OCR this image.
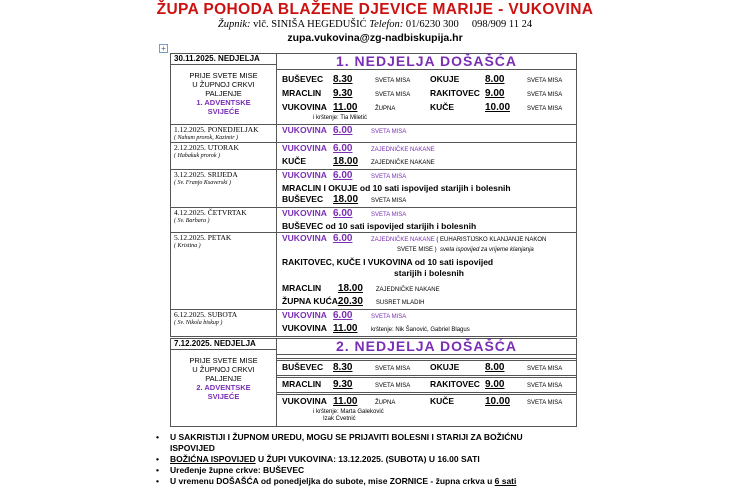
ŽUPA POHODA BLAŽENE DJEVICE MARIJE - VUKOVINA
Župnik: vlč. SINIŠA HEGEDUŠIĆ Telefon: 01/6230 300 098/909 11 24
zupa.vukovina@zg-nadbiskupija.hr
+
30.11.2025. NEDJELJA
PRIJE SVETE MISE
U ŽUPNOJ CRKVI
PALJENJE
1. ADVENTSKE
SVIJEĆE

1. NEDJELJA DOŠAŠĆA
BUŠEVEC	8.30	SVETA MISA	OKUJE	8.00	SVETA MISA
MRACLIN	9.30	SVETA MISA	RAKITOVEC	9.00	SVETA MISA
VUKOVINA	11.00	ŽUPNA	KUČE	10.00	SVETA MISA
i krštenje: Tia Miletić

1.12.2025. PONEDJELJAK
( Nahum prorok, Kazimir )

VUKOVINA	6.00	SVETA MISA

2.12.2025. UTORAK
( Habakuk prorok )

VUKOVINA	6.00	ZAJEDNIČKE NAKANE
KUČE	18.00	ZAJEDNIČKE NAKANE

3.12.2025. SRIJEDA
( Sv. Franjo Ksaverski )

VUKOVINA	6.00	SVETA MISA
MRACLIN I OKUJE od 10 sati ispovijed starijih i bolesnih
BUŠEVEC	18.00	SVETA MISA

4.12.2025. ČETVRTAK
( Sv. Barbara )

VUKOVINA	6.00	SVETA MISA
BUŠEVEC od 10 sati ispovijed starijih i bolesnih

5.12.2025. PETAK
( Kristina )

VUKOVINA	6.00	ZAJEDNIČKE NAKANE ( EUHARISTIJSKO KLANJANJE NAKON
SVETE MISE ) sveta ispovijed za vrijeme klanjanja
RAKITOVEC, KUČE I VUKOVINA od 10 sati ispovijed
starijih i bolesnih
MRACLIN	18.00	ZAJEDNIČKE NAKANE
ŽUPNA KUĆA	20.30	SUSRET MLADIH

6.12.2025. SUBOTA
( Sv. Nikola biskup )

VUKOVINA	6.00	SVETA MISA
VUKOVINA	11.00	krštenje: Nik Šanović, Gabriel Blagus

7.12.2025. NEDJELJA
PRIJE SVETE MISE
U ŽUPNOJ CRKVI
PALJENJE
2. ADVENTSKE
SVIJEĆE

2. NEDJELJA DOŠAŠĆA
BUŠEVEC	8.30	SVETA MISA	OKUJE	8.00	SVETA MISA
MRACLIN	9.30	SVETA MISA	RAKITOVEC	9.00	SVETA MISA
VUKOVINA	11.00	ŽUPNA	KUČE	10.00	SVETA MISA
i krštenje: Marta Galeković
Izak Cvetnić
• U SAKRISTIJI I ŽUPNOM UREDU, MOGU SE PRIJAVITI BOLESNI I STARIJI ZA BOŽIĆNU
ISPOVIJED
• BOŽIĆNA ISPOVIJED U ŽUPI VUKOVINA: 13.12.2025. (SUBOTA) U 16.00 SATI
• Uređenje župne crkve: BUŠEVEC
• U vremenu DOŠAŠĆA od ponedjeljka do subote, mise ZORNICE - župna crkva u 6 sati
